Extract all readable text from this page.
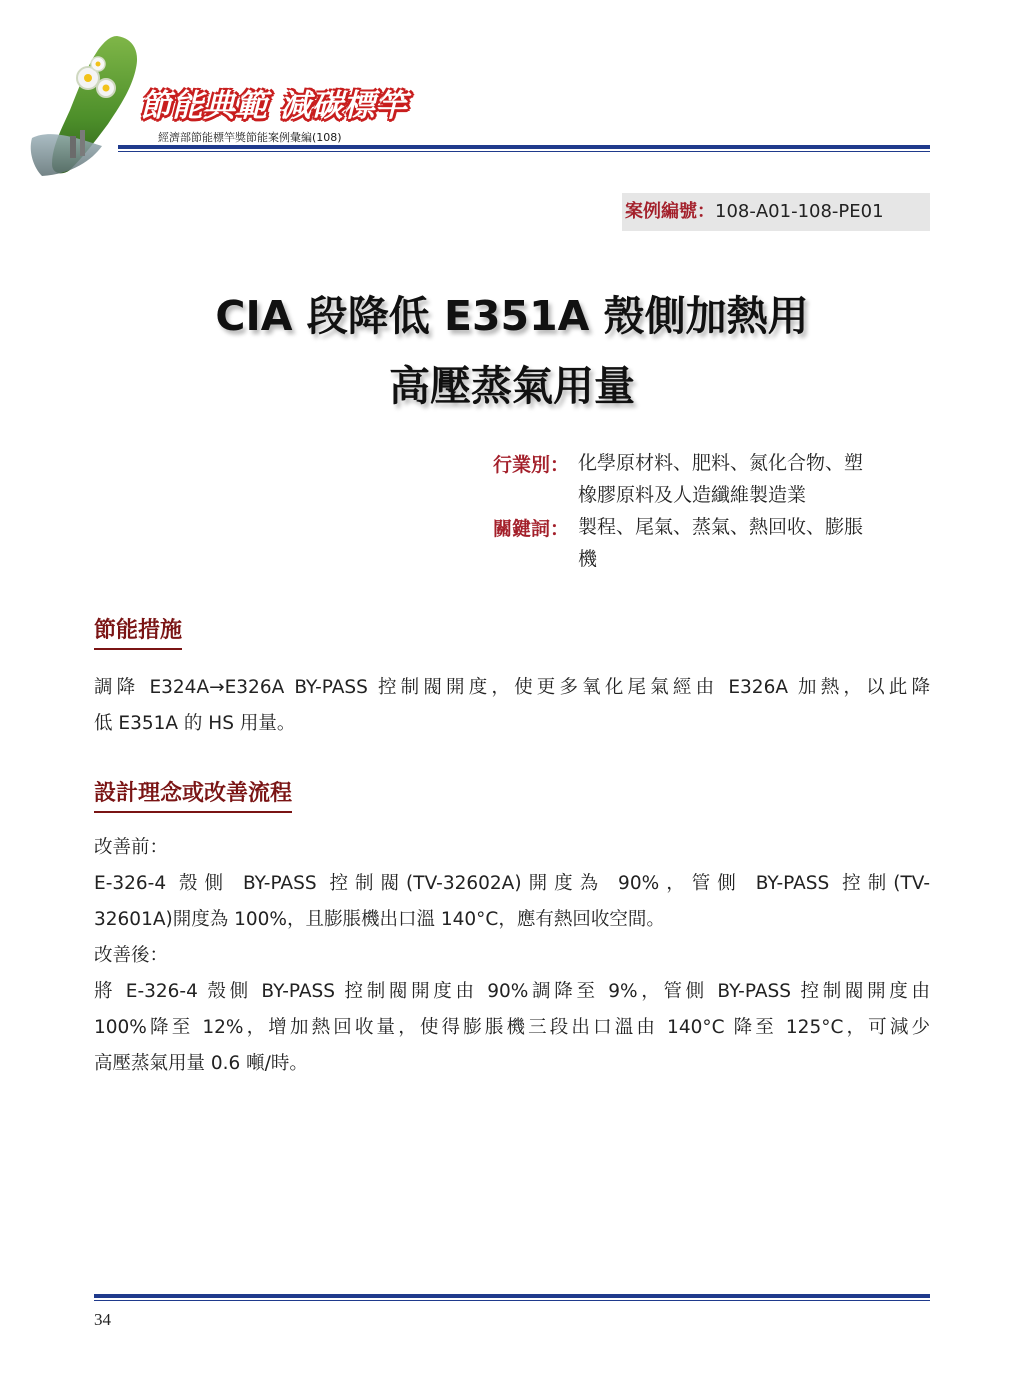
節能典範 減碳標竿
經濟部節能標竿獎節能案例彙編(108)
案例編號：108-A01-108-PE01
CIA 段降低 E351A 殼側加熱用
高壓蒸氣用量
行業別： 化學原材料、肥料、氮化合物、塑
橡膠原料及人造纖維製造業
關鍵詞： 製程、尾氣、蒸氣、熱回收、膨脹
機
節能措施
調降 E324A→E326A BY-PASS 控制閥開度，使更多氧化尾氣經由 E326A 加熱，以此降
低 E351A 的 HS 用量。
設計理念或改善流程
改善前：
E-326-4 殼側 BY-PASS 控制閥(TV-32602A)開度為 90%，管側 BY-PASS 控制(TV-
32601A)開度為 100%，且膨脹機出口溫 140°C，應有熱回收空間。
改善後：
將 E-326-4 殼側 BY-PASS 控制閥開度由 90%調降至 9%，管側 BY-PASS 控制閥開度由
100%降至 12%，增加熱回收量，使得膨脹機三段出口溫由 140°C 降至 125°C，可減少
高壓蒸氣用量 0.6 噸/時。
34
